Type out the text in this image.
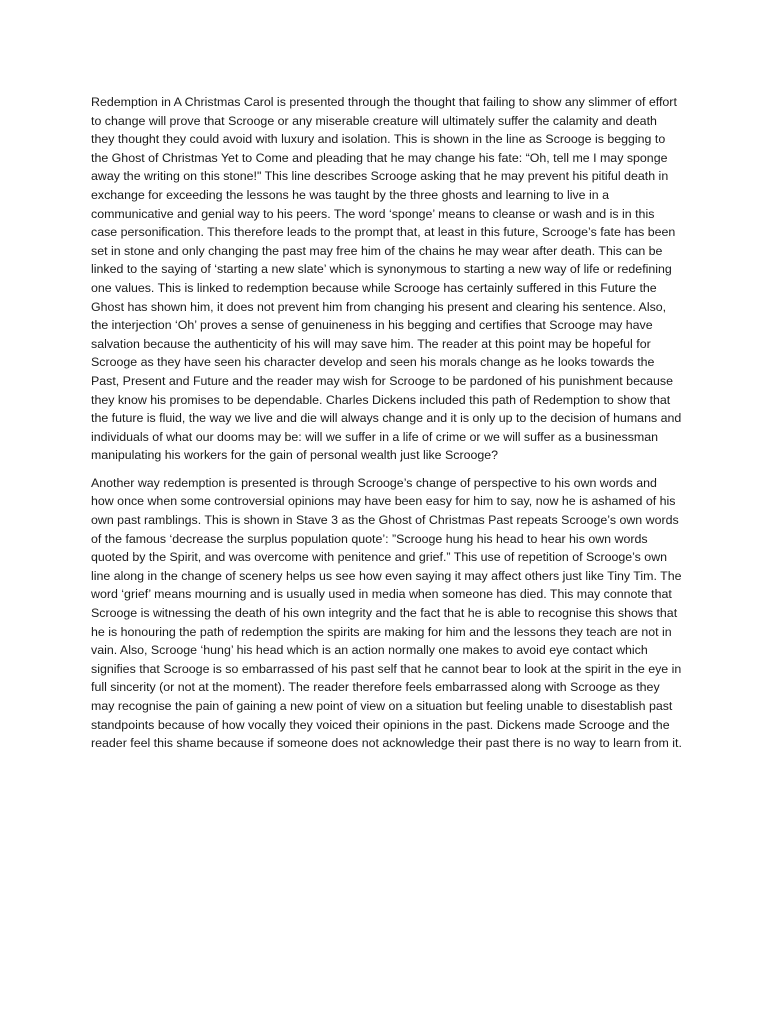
Redemption in A Christmas Carol is presented through the thought that failing to show any slimmer of effort to change will prove that Scrooge or any miserable creature will ultimately suffer the calamity and death they thought they could avoid with luxury and isolation. This is shown in the line as Scrooge is begging to the Ghost of Christmas Yet to Come and pleading that he may change his fate: “Oh, tell me I may sponge away the writing on this stone!" This line describes Scrooge asking that he may prevent his pitiful death in exchange for exceeding the lessons he was taught by the three ghosts and learning to live in a communicative and genial way to his peers. The word ‘sponge’ means to cleanse or wash and is in this case personification. This therefore leads to the prompt that, at least in this future, Scrooge’s fate has been set in stone and only changing the past may free him of the chains he may wear after death. This can be linked to the saying of ‘starting a new slate’ which is synonymous to starting a new way of life or redefining one values. This is linked to redemption because while Scrooge has certainly suffered in this Future the Ghost has shown him, it does not prevent him from changing his present and clearing his sentence. Also, the interjection ‘Oh’ proves a sense of genuineness in his begging and certifies that Scrooge may have salvation because the authenticity of his will may save him. The reader at this point may be hopeful for Scrooge as they have seen his character develop and seen his morals change as he looks towards the Past, Present and Future and the reader may wish for Scrooge to be pardoned of his punishment because they know his promises to be dependable. Charles Dickens included this path of Redemption to show that the future is fluid, the way we live and die will always change and it is only up to the decision of humans and individuals of what our dooms may be: will we suffer in a life of crime or we will suffer as a businessman manipulating his workers for the gain of personal wealth just like Scrooge?

Another way redemption is presented is through Scrooge’s change of perspective to his own words and how once when some controversial opinions may have been easy for him to say, now he is ashamed of his own past ramblings. This is shown in Stave 3 as the Ghost of Christmas Past repeats Scrooge’s own words of the famous ‘decrease the surplus population quote’: ”Scrooge hung his head to hear his own words quoted by the Spirit, and was overcome with penitence and grief.” This use of repetition of Scrooge’s own line along in the change of scenery helps us see how even saying it may affect others just like Tiny Tim. The word ‘grief’ means mourning and is usually used in media when someone has died. This may connote that Scrooge is witnessing the death of his own integrity and the fact that he is able to recognise this shows that he is honouring the path of redemption the spirits are making for him and the lessons they teach are not in vain. Also, Scrooge ‘hung’ his head which is an action normally one makes to avoid eye contact which signifies that Scrooge is so embarrassed of his past self that he cannot bear to look at the spirit in the eye in full sincerity (or not at the moment). The reader therefore feels embarrassed along with Scrooge as they may recognise the pain of gaining a new point of view on a situation but feeling unable to disestablish past standpoints because of how vocally they voiced their opinions in the past. Dickens made Scrooge and the reader feel this shame because if someone does not acknowledge their past there is no way to learn from it.
